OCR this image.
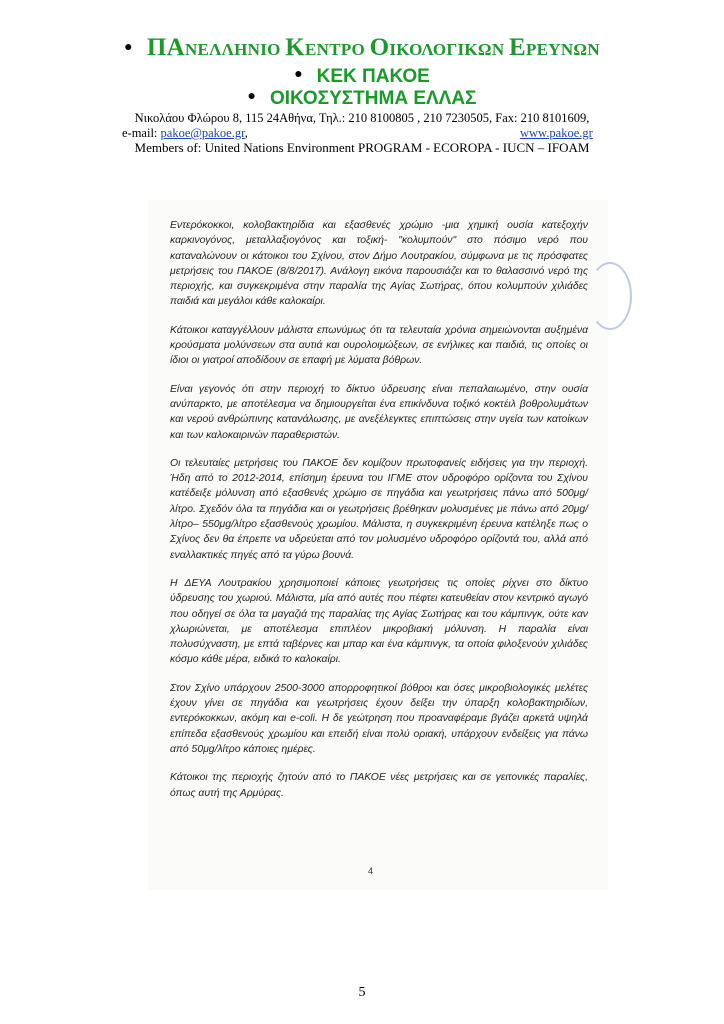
● ΠΑΝΕΛΛΗΝΙΟ ΚΕΝΤΡΟ ΟΙΚΟΛΟΓΙΚΩΝ ΕΡΕΥΝΩΝ
● ΚΕΚ ΠΑΚΟΕ
● ΟΙΚΟΣΥΣΤΗΜΑ ΕΛΛΑΣ
Νικολάου Φλώρου 8, 115 24Αθήνα, Τηλ.: 210 8100805 , 210 7230505, Fax: 210 8101609,
e-mail: pakoe@pakoe.gr,	www.pakoe.gr
Members of: United Nations Environment PROGRAM - ECOROPA - IUCN – IFOAM

Εντερόκοκκοι, κολοβακτηρίδια και εξασθενές χρώμιο -μια χημική ουσία κατεξοχήν καρκινογόνος, μεταλλαξιογόνος και τοξική- "κολυμπούν" στο πόσιμο νερό που καταναλώνουν οι κάτοικοι του Σχίνου, στον Δήμο Λουτρακίου, σύμφωνα με τις πρόσφατες μετρήσεις του ΠΑΚΟΕ (8/8/2017). Ανάλογη εικόνα παρουσιάζει και το θαλασσινό νερό της περιοχής, και συγκεκριμένα στην παραλία της Αγίας Σωτήρας, όπου κολυμπούν χιλιάδες παιδιά και μεγάλοι κάθε καλοκαίρι.

Κάτοικοι καταγγέλλουν μάλιστα επωνύμως ότι τα τελευταία χρόνια σημειώνονται αυξημένα κρούσματα μολύνσεων στα αυτιά και ουρολοιμώξεων, σε ενήλικες και παιδιά, τις οποίες οι ίδιοι οι γιατροί αποδίδουν σε επαφή με λύματα βόθρων.

Είναι γεγονός ότι στην περιοχή το δίκτυο ύδρευσης είναι πεπαλαιωμένο, στην ουσία ανύπαρκτο, με αποτέλεσμα να δημιουργείται ένα επικίνδυνα τοξικό κοκτέιλ βοθρολυμάτων και νερού ανθρώπινης κατανάλωσης, με ανεξέλεγκτες επιπτώσεις στην υγεία των κατοίκων και των καλοκαιρινών παραθεριστών.

Οι τελευταίες μετρήσεις του ΠΑΚΟΕ δεν κομίζουν πρωτοφανείς ειδήσεις για την περιοχή. Ήδη από το 2012-2014, επίσημη έρευνα του ΙΓΜΕ στον υδροφόρο ορίζοντα του Σχίνου κατέδειξε μόλυνση από εξασθενές χρώμιο σε πηγάδια και γεωτρήσεις πάνω από 500μg/λίτρο. Σχεδόν όλα τα πηγάδια και οι γεωτρήσεις βρέθηκαν μολυσμένες με πάνω από 20μg/λίτρο– 550μg/λίτρο εξασθενούς χρωμίου. Μάλιστα, η συγκεκριμένη έρευνα κατέληξε πως ο Σχίνος δεν θα έπρεπε να υδρεύεται από τον μολυσμένο υδροφόρο ορίζοντά του, αλλά από εναλλακτικές πηγές από τα γύρω βουνά.

Η ΔΕΥΑ Λουτρακίου χρησιμοποιεί κάποιες γεωτρήσεις τις οποίες ρίχνει στο δίκτυο ύδρευσης του χωριού. Μάλιστα, μία από αυτές που πέφτει κατευθείαν στον κεντρικό αγωγό που οδηγεί σε όλα τα μαγαζιά της παραλίας της Αγίας Σωτήρας και του κάμπινγκ, ούτε καν χλωριώνεται, με αποτέλεσμα επιπλέον μικροβιακή μόλυνση. Η παραλία είναι πολυσύχναστη, με επτά ταβέρνες και μπαρ και ένα κάμπινγκ, τα οποία φιλοξενούν χιλιάδες κόσμο κάθε μέρα, ειδικά το καλοκαίρι.

Στον Σχίνο υπάρχουν 2500-3000 απορροφητικοί βόθροι και όσες μικροβιολογικές μελέτες έχουν γίνει σε πηγάδια και γεωτρήσεις έχουν δείξει την ύπαρξη κολοβακτηριδίων, εντερόκοκκων, ακόμη και e-coli. Η δε γεώτρηση που προαναφέραμε βγάζει αρκετά υψηλά επίπεδα εξασθενούς χρωμίου και επειδή είναι πολύ οριακή, υπάρχουν ενδείξεις για πάνω από 50μg/λίτρο κάποιες ημέρες.

Κάτοικοι της περιοχής ζητούν από το ΠΑΚΟΕ νέες μετρήσεις και σε γειτονικές παραλίες, όπως αυτή της Αρμύρας.

4
5
